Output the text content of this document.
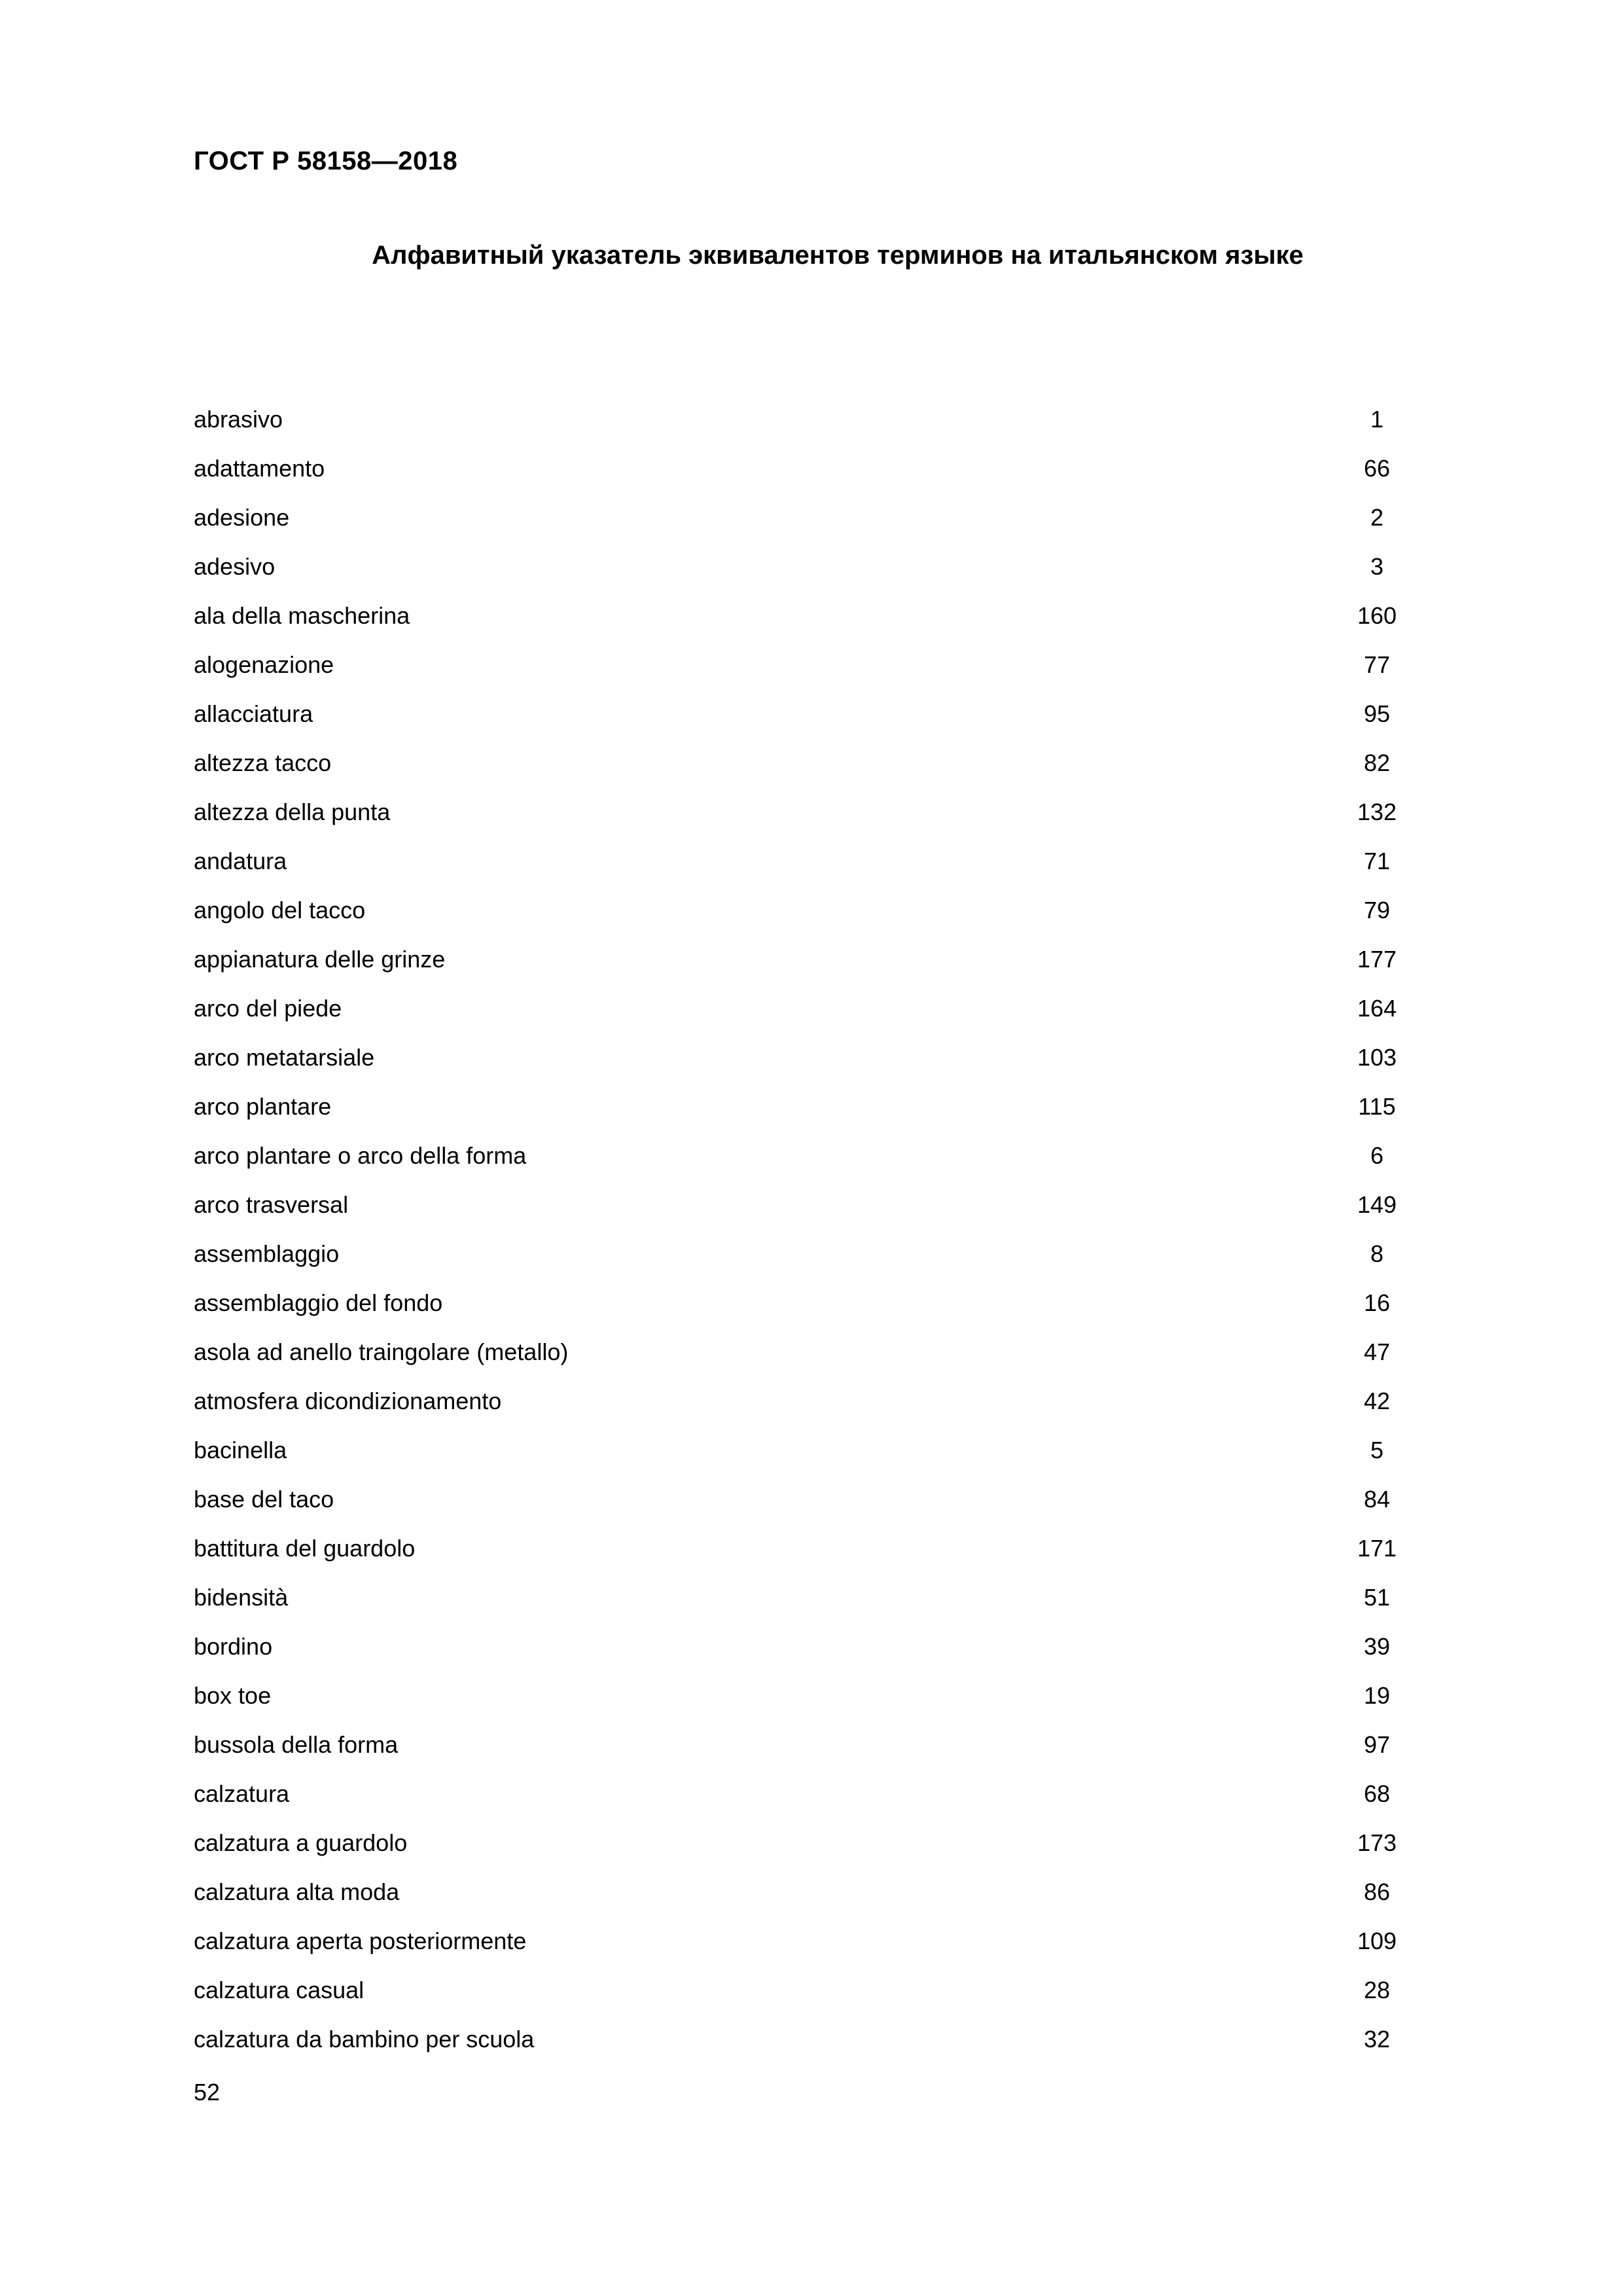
ГОСТ Р 58158—2018
Алфавитный указатель эквивалентов терминов на итальянском языке
abrasivo	1
adattamento	66
adesione	2
adesivo	3
ala della mascherina	160
alogenazione	77
allacciatura	95
altezza tacco	82
altezza della punta	132
andatura	71
angolo del tacco	79
appianatura delle grinze	177
arco del piede	164
arco metatarsiale	103
arco plantare	115
arco plantare o arco della forma	6
arco trasversal	149
assemblaggio	8
assemblaggio del fondo	16
asola ad anello traingolare (metallo)	47
atmosfera dicondizionamento	42
bacinella	5
base del taco	84
battitura del guardolo	171
bidensità	51
bordino	39
box toe	19
bussola della forma	97
calzatura	68
calzatura a guardolo	173
calzatura alta moda	86
calzatura aperta posteriormente	109
calzatura casual	28
calzatura da bambino per scuola	32
52
